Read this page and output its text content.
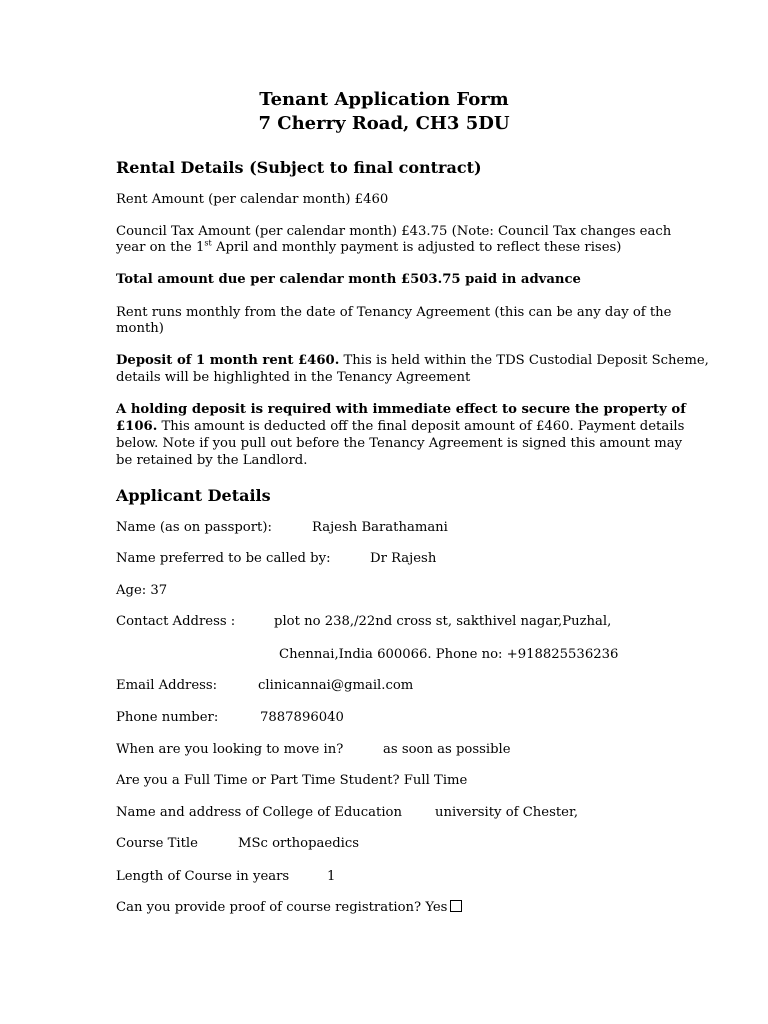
Tenant Application Form
7 Cherry Road, CH3 5DU
Rental Details (Subject to final contract)
Rent Amount (per calendar month) £460
Council Tax Amount (per calendar month) £43.75 (Note: Council Tax changes each
year on the 1st April and monthly payment is adjusted to reflect these rises)
Total amount due per calendar month £503.75 paid in advance
Rent runs monthly from the date of Tenancy Agreement (this can be any day of the
month)
Deposit of 1 month rent £460. This is held within the TDS Custodial Deposit Scheme,
details will be highlighted in the Tenancy Agreement
A holding deposit is required with immediate effect to secure the property of
£106. This amount is deducted off the final deposit amount of £460. Payment details
below. Note if you pull out before the Tenancy Agreement is signed this amount may
be retained by the Landlord.
Applicant Details
Name (as on passport):	Rajesh Barathamani
Name preferred to be called by:	Dr Rajesh
Age: 37
Contact Address :	plot no 238,/22nd cross st, sakthivel nagar,Puzhal,
Chennai,India 600066. Phone no: +918825536236
Email Address:	clinicannai@gmail.com
Phone number:	7887896040
When are you looking to move in?	as soon as possible
Are you a Full Time or Part Time Student? Full Time
Name and address of College of Education	university of Chester,
Course Title	MSc orthopaedics
Length of Course in years	1
Can you provide proof of course registration? Yes
